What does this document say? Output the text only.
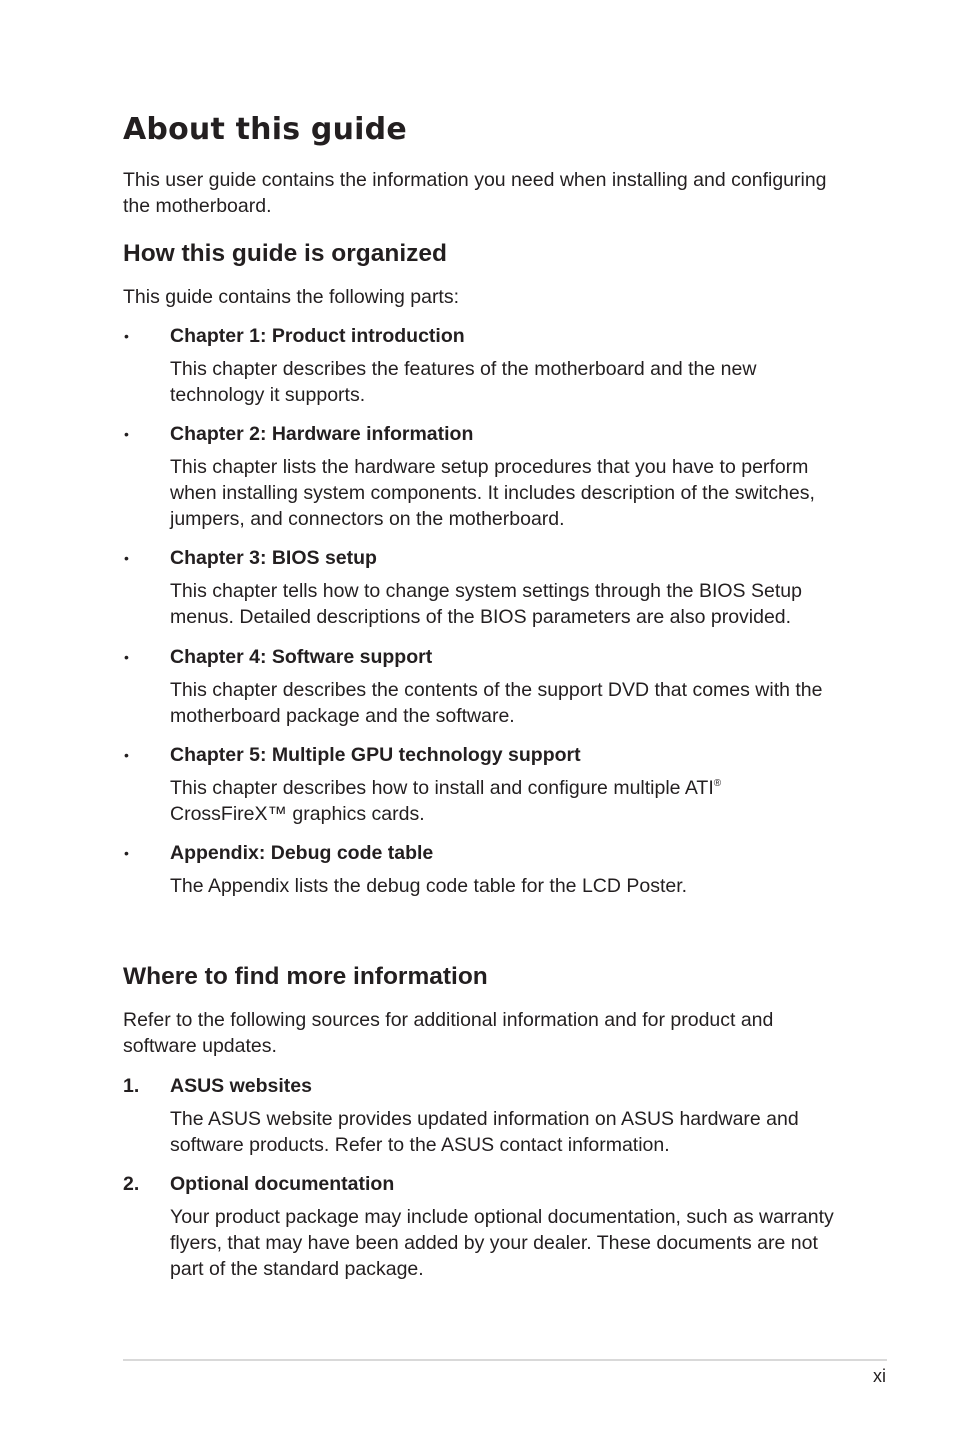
About this guide

This user guide contains the information you need when installing and configuring the motherboard.

How this guide is organized

This guide contains the following parts:

• Chapter 1: Product introduction

This chapter describes the features of the motherboard and the new technology it supports.

• Chapter 2: Hardware information

This chapter lists the hardware setup procedures that you have to perform when installing system components. It includes description of the switches, jumpers, and connectors on the motherboard.

• Chapter 3: BIOS setup

This chapter tells how to change system settings through the BIOS Setup menus. Detailed descriptions of the BIOS parameters are also provided.

• Chapter 4: Software support

This chapter describes the contents of the support DVD that comes with the motherboard package and the software.

• Chapter 5: Multiple GPU technology support

This chapter describes how to install and configure multiple ATI®
CrossFireX™ graphics cards.

• Appendix: Debug code table

The Appendix lists the debug code table for the LCD Poster.

Where to find more information

Refer to the following sources for additional information and for product and software updates.

1. ASUS websites

The ASUS website provides updated information on ASUS hardware and software products. Refer to the ASUS contact information.

2. Optional documentation

Your product package may include optional documentation, such as warranty flyers, that may have been added by your dealer. These documents are not part of the standard package.

xi
